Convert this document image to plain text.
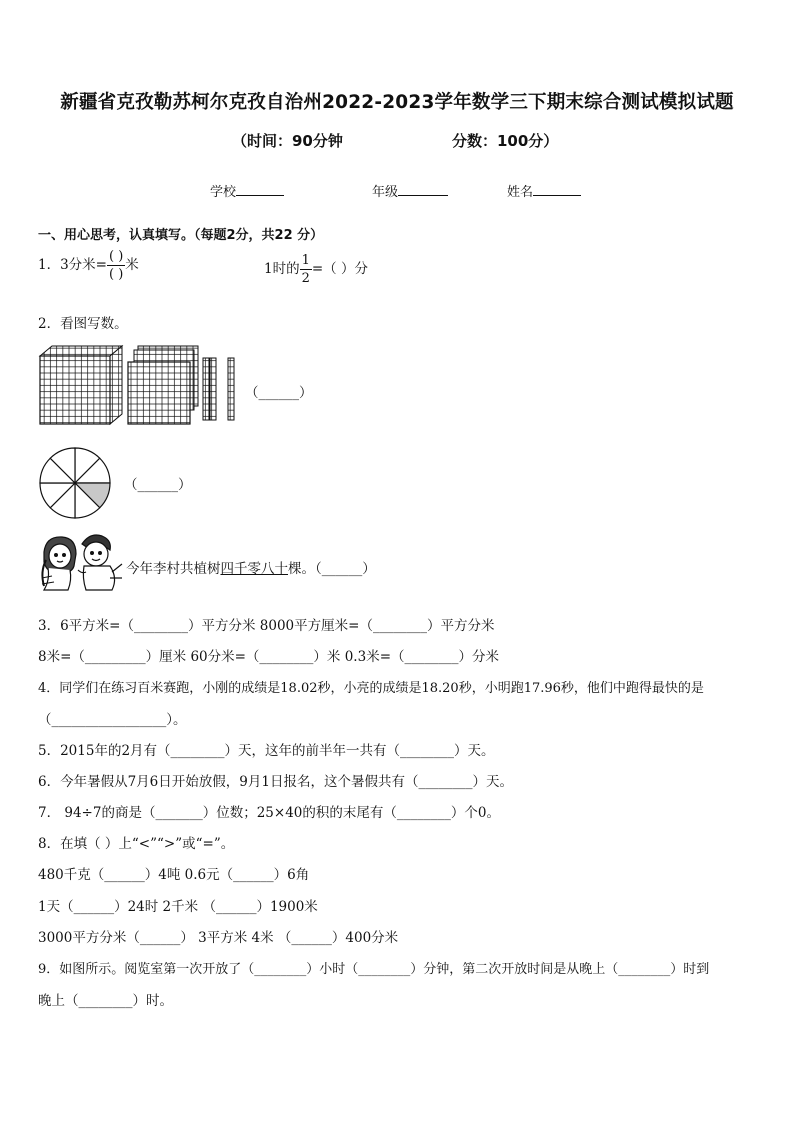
新疆省克孜勒苏柯尔克孜自治州2022-2023学年数学三下期末综合测试模拟试题
（时间：90分钟	分数：100分）
学校	年级	姓名
一、用心思考，认真填写。（每题2分，共22 分）
1．3分米= $\frac{( )}{( )}$ 米	1时的 $\frac{1}{2}$ =（ ）分
2．看图写数。
（______）
（______）
今年李村共植树四千零八十棵。（______）
3．6平方米=（________）平方分米 8000平方厘米=（________）平方分米
8米=（_________）厘米 60分米=（________）米 0.3米=（________）分米
4．同学们在练习百米赛跑，小刚的成绩是18.02秒，小亮的成绩是18.20秒，小明跑17.96秒，他们中跑得最快的是
（_________________）。
5．2015年的2月有（________）天，这年的前半年一共有（________）天。
6．今年暑假从7月6日开始放假，9月1日报名，这个暑假共有（________）天。
7． 94÷7的商是（_______）位数；25×40的积的末尾有（________）个0。
8．在填（ ）上“<”“>”或“=”。
480千克（______）4吨 0.6元（______）6角
1天（______）24时 2千米 （______）1900米
3000平方分米（______） 3平方米 4米 （______）400分米
9．如图所示。阅览室第一次开放了（________）小时（________）分钟，第二次开放时间是从晚上（________）时到
晚上（________）时。
